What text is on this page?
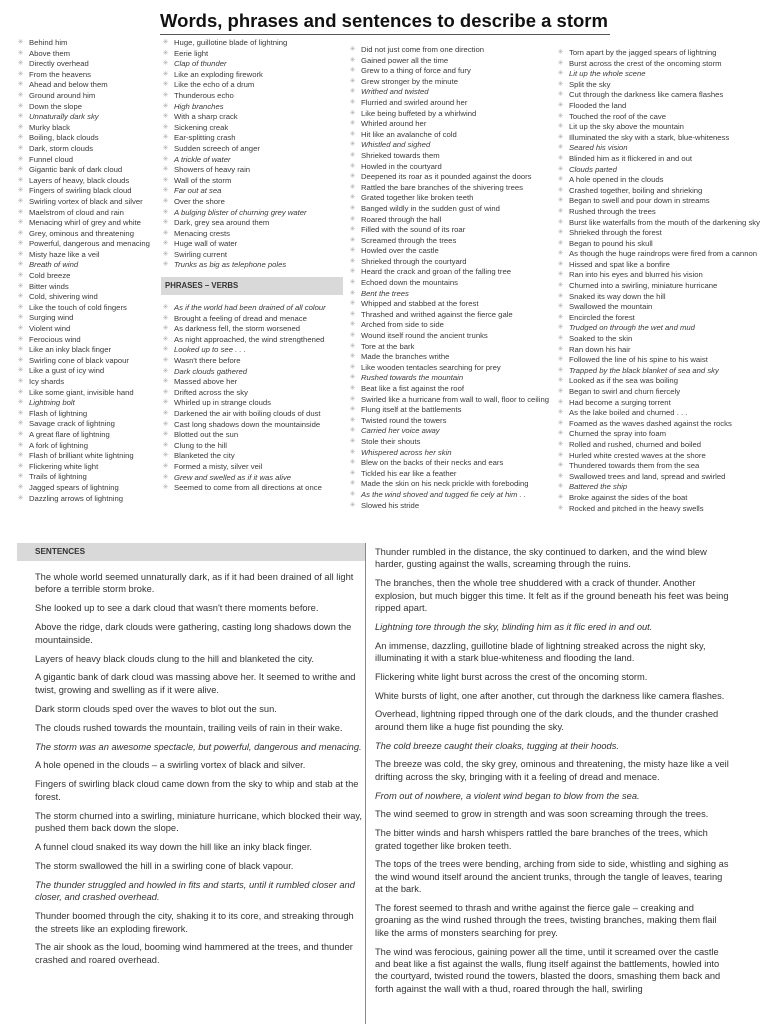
Words, phrases and sentences to describe a storm
✳ Behind him
✳ Above them
✳ Directly overhead
✳ From the heavens
✳ Ahead and below them
✳ Ground around him
✳ Down the slope
✳ Unnaturally dark sky
✳ Murky black
✳ Boiling, black clouds
✳ Dark, storm clouds
✳ Funnel cloud
✳ Gigantic bank of dark cloud
✳ Layers of heavy, black clouds
✳ Fingers of swirling black cloud
✳ Swirling vortex of black and silver
✳ Maelstrom of cloud and rain
✳ Menacing whirl of grey and white
✳ Grey, ominous and threatening
✳ Powerful, dangerous and menacing
✳ Misty haze like a veil
✳ Breath of wind
✳ Cold breeze
✳ Bitter winds
✳ Cold, shivering wind
✳ Like the touch of cold fingers
✳ Surging wind
✳ Violent wind
✳ Ferocious wind
✳ Like an inky black finger
✳ Swirling cone of black vapour
✳ Like a gust of icy wind
✳ Icy shards
✳ Like some giant, invisible hand
✳ Lightning bolt
✳ Flash of lightning
✳ Savage crack of lightning
✳ A great flare of lightning
✳ A fork of lightning
✳ Flash of brilliant white lightning
✳ Flickering white light
✳ Trails of lightning
✳ Jagged spears of lightning
✳ Dazzling arrows of lightning
✳ Huge, guillotine blade of lightning
✳ Eerie light
✳ Clap of thunder
✳ Like an exploding firework
✳ Like the echo of a drum
✳ Thunderous echo
✳ High branches
✳ With a sharp crack
✳ Sickening creak
✳ Ear-splitting crash
✳ Sudden screech of anger
✳ A trickle of water
✳ Showers of heavy rain
✳ Wall of the storm
✳ Far out at sea
✳ Over the shore
✳ A bulging blister of churning grey water
✳ Dark, grey sea around them
✳ Menacing crests
✳ Huge wall of water
✳ Swirling current
✳ Trunks as big as telephone poles
PHRASES – VERBS
✳ As if the world had been drained of all colour
✳ Brought a feeling of dread and menace
✳ As darkness fell, the storm worsened
✳ As night approached, the wind strengthened
✳ Looked up to see . . .
✳ Wasn't there before
✳ Dark clouds gathered
✳ Massed above her
✳ Drifted across the sky
✳ Whirled up in strange clouds
✳ Darkened the air with boiling clouds of dust
✳ Cast long shadows down the mountainside
✳ Blotted out the sun
✳ Clung to the hill
✳ Blanketed the city
✳ Formed a misty, silver veil
✳ Grew and swelled as if it was alive
✳ Seemed to come from all directions at once
✳ Did not just come from one direction
✳ Gained power all the time
✳ Grew to a thing of force and fury
✳ Grew stronger by the minute
✳ Writhed and twisted
✳ Flurried and swirled around her
✳ Like being buffeted by a whirlwind
✳ Whirled around her
✳ Hit like an avalanche of cold
✳ Whistled and sighed
✳ Shrieked towards them
✳ Howled in the courtyard
✳ Deepened its roar as it pounded against the doors
✳ Rattled the bare branches of the shivering trees
✳ Grated together like broken teeth
✳ Banged wildly in the sudden gust of wind
✳ Roared through the hall
✳ Filled with the sound of its roar
✳ Screamed through the trees
✳ Howled over the castle
✳ Shrieked through the courtyard
✳ Heard the crack and groan of the falling tree
✳ Echoed down the mountains
✳ Bent the trees
✳ Whipped and stabbed at the forest
✳ Thrashed and writhed against the fierce gale
✳ Arched from side to side
✳ Wound itself round the ancient trunks
✳ Tore at the bark
✳ Made the branches writhe
✳ Like wooden tentacles searching for prey
✳ Rushed towards the mountain
✳ Beat like a fist against the roof
✳ Swirled like a hurricane from wall to wall, floor to ceiling
✳ Flung itself at the battlements
✳ Twisted round the towers
✳ Carried her voice away
✳ Stole their shouts
✳ Whispered across her skin
✳ Blew on the backs of their necks and ears
✳ Tickled his ear like a feather
✳ Made the skin on his neck prickle with foreboding
✳ As the wind shoved and tugged fie cely at him . .
✳ Slowed his stride
✳ Torn apart by the jagged spears of lightning
✳ Burst across the crest of the oncoming storm
✳ Lit up the whole scene
✳ Split the sky
✳ Cut through the darkness like camera flashes
✳ Flooded the land
✳ Touched the roof of the cave
✳ Lit up the sky above the mountain
✳ Illuminated the sky with a stark, blue-whiteness
✳ Seared his vision
✳ Blinded him as it flickered in and out
✳ Clouds parted
✳ A hole opened in the clouds
✳ Crashed together, boiling and shrieking
✳ Began to swell and pour down in streams
✳ Rushed through the trees
✳ Burst like waterfalls from the mouth of the darkening sky
✳ Shrieked through the forest
✳ Began to pound his skull
✳ As though the huge raindrops were fired from a cannon
✳ Hissed and spat like a bonfire
✳ Ran into his eyes and blurred his vision
✳ Churned into a swirling, miniature hurricane
✳ Snaked its way down the hill
✳ Swallowed the mountain
✳ Encircled the forest
✳ Trudged on through the wet and mud
✳ Soaked to the skin
✳ Ran down his hair
✳ Followed the line of his spine to his waist
✳ Trapped by the black blanket of sea and sky
✳ Looked as if the sea was boiling
✳ Began to swirl and churn fiercely
✳ Had become a surging torrent
✳ As the lake boiled and churned . . .
✳ Foamed as the waves dashed against the rocks
✳ Churned the spray into foam
✳ Rolled and rushed, churned and boiled
✳ Hurled white crested waves at the shore
✳ Thundered towards them from the sea
✳ Swallowed trees and land, spread and swirled
✳ Battered the ship
✳ Broke against the sides of the boat
✳ Rocked and pitched in the heavy swells
SENTENCES

The whole world seemed unnaturally dark, as if it had been drained of all light before a terrible storm broke.

She looked up to see a dark cloud that wasn't there moments before.

Above the ridge, dark clouds were gathering, casting long shadows down the mountainside.

Layers of heavy black clouds clung to the hill and blanketed the city.

A gigantic bank of dark cloud was massing above her. It seemed to writhe and twist, growing and swelling as if it were alive.

Dark storm clouds sped over the waves to blot out the sun.

The clouds rushed towards the mountain, trailing veils of rain in their wake.

The storm was an awesome spectacle, but powerful, dangerous and menacing.

A hole opened in the clouds – a swirling vortex of black and silver.

Fingers of swirling black cloud came down from the sky to whip and stab at the forest.

The storm churned into a swirling, miniature hurricane, which blocked their way, pushed them back down the slope.

A funnel cloud snaked its way down the hill like an inky black finger.

The storm swallowed the hill in a swirling cone of black vapour.

The thunder struggled and howled in fits and starts, until it rumbled closer and closer, and crashed overhead.

Thunder boomed through the city, shaking it to its core, and streaking through the streets like an exploding firework.

The air shook as the loud, booming wind hammered at the trees, and thunder crashed and roared overhead.

Thunder rumbled in the distance, the sky continued to darken, and the wind blew harder, gusting against the walls, screaming through the ruins.

The branches, then the whole tree shuddered with a crack of thunder. Another explosion, but much bigger this time. It felt as if the ground beneath his feet was being ripped apart.

Lightning tore through the sky, blinding him as it flic ered in and out.

An immense, dazzling, guillotine blade of lightning streaked across the night sky, illuminating it with a stark blue-whiteness and flooding the land.

Flickering white light burst across the crest of the oncoming storm.

White bursts of light, one after another, cut through the darkness like camera flashes.

Overhead, lightning ripped through one of the dark clouds, and the thunder crashed around them like a huge fist pounding the sky.

The cold breeze caught their cloaks, tugging at their hoods.

The breeze was cold, the sky grey, ominous and threatening, the misty haze like a veil drifting across the sky, bringing with it a feeling of dread and menace.

From out of nowhere, a violent wind began to blow from the sea.

The wind seemed to grow in strength and was soon screaming through the trees.

The bitter winds and harsh whispers rattled the bare branches of the trees, which grated together like broken teeth.

The tops of the trees were bending, arching from side to side, whistling and sighing as the wind wound itself around the ancient trunks, through the tangle of leaves, tearing at the bark.

The forest seemed to thrash and writhe against the fierce gale – creaking and groaning as the wind rushed through the trees, twisting branches, making them flail like the arms of monsters searching for prey.

The wind was ferocious, gaining power all the time, until it screamed over the castle and beat like a fist against the walls, flung itself against the battlements, howled into the courtyard, twisted round the towers, blasted the doors, smashing them back and forth against the wall with a thud, roared through the hall, swirling
